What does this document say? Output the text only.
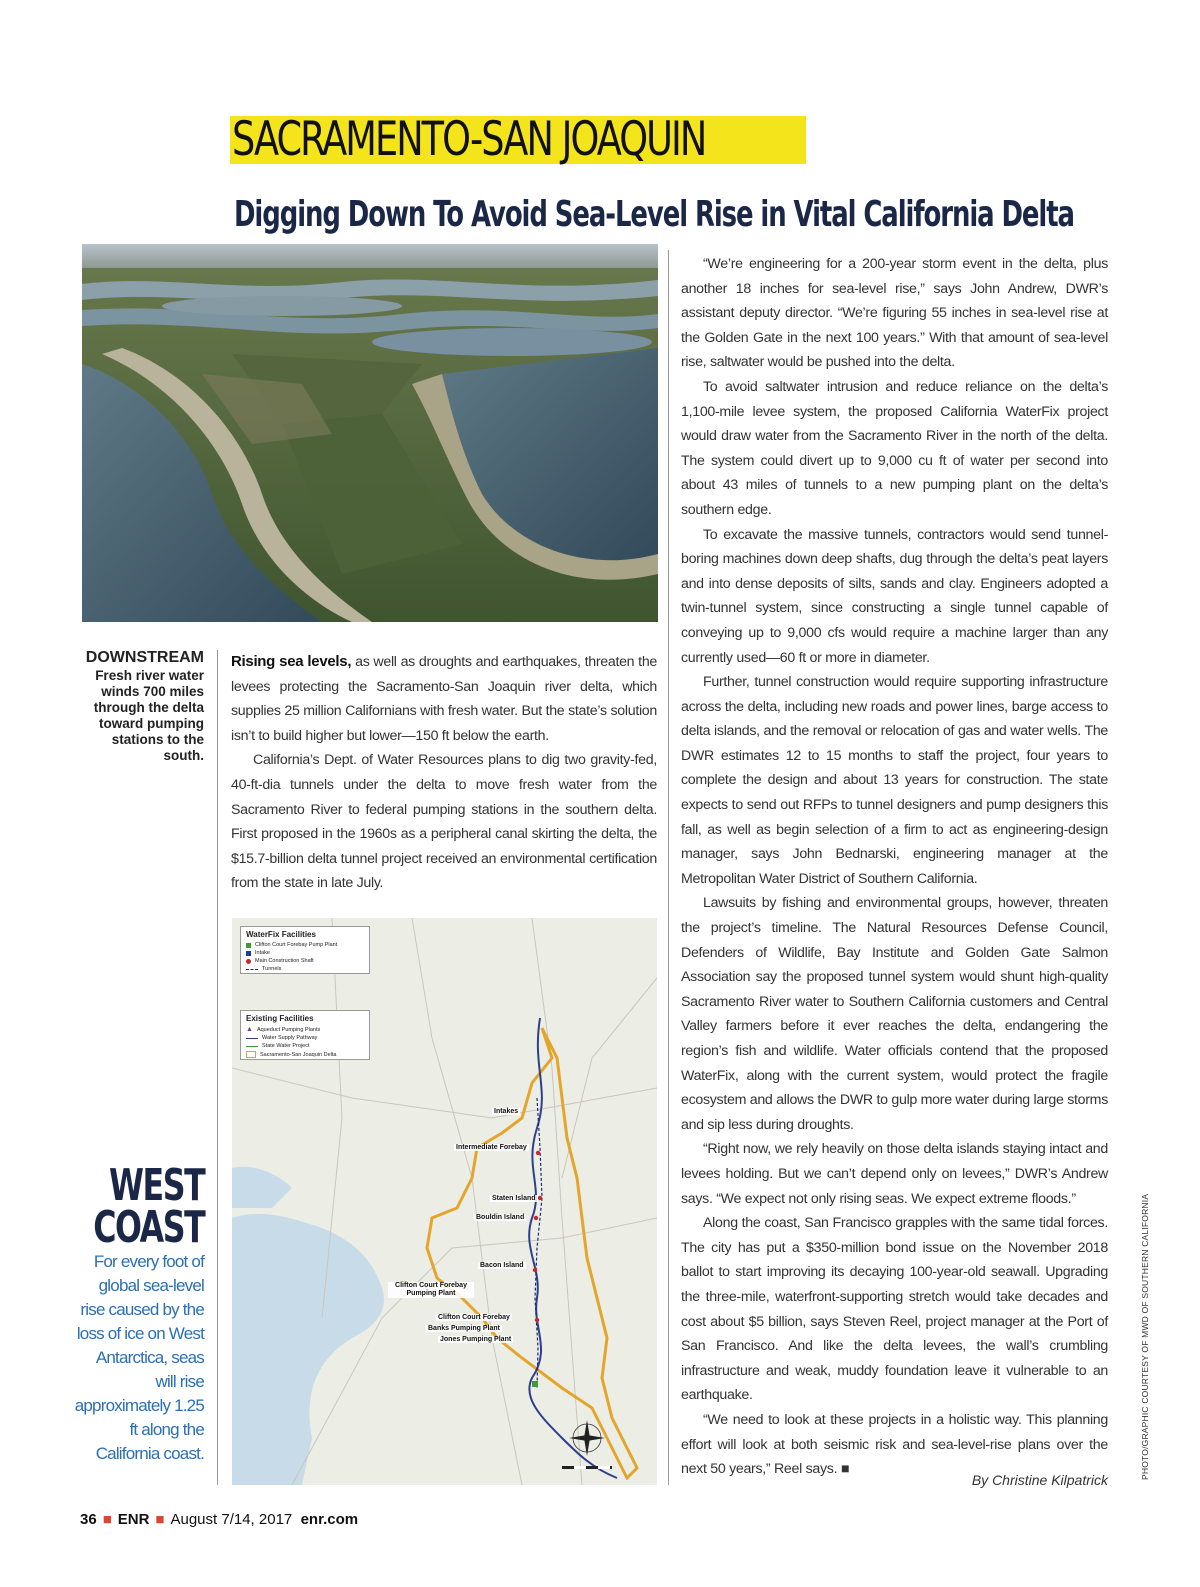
SACRAMENTO-SAN JOAQUIN
Digging Down To Avoid Sea-Level Rise in Vital California Delta
DOWNSTREAM
Fresh river water winds 700 miles through the delta toward pumping stations to the south.

Rising sea levels, as well as droughts and earthquakes, threaten the levees protecting the Sacramento-San Joaquin river delta, which supplies 25 million Californians with fresh water. But the state’s solution isn’t to build higher but lower—150 ft below the earth.

California’s Dept. of Water Resources plans to dig two gravity-fed, 40-ft-dia tunnels under the delta to move fresh water from the Sacramento River to federal pumping stations in the southern delta. First proposed in the 1960s as a peripheral canal skirting the delta, the $15.7-billion delta tunnel project received an environmental certification from the state in late July.

WaterFix Facilities
Clifton Court Forebay Pump Plant
Intake
Main Construction Shaft
Tunnels
Existing Facilities
▲ Aqueduct Pumping Plants
Water Supply Pathway
State Water Project
Sacramento-San Joaquin Delta
Intakes
Intermediate Forebay
Staten Island
Bouldin Island
Bacon Island
Clifton Court Forebay Pumping Plant
Clifton Court Forebay
Banks Pumping Plant
Jones Pumping Plant
WEST
COAST
For every foot of global sea-level rise caused by the loss of ice on West Antarctica, seas will rise approximately 1.25 ft along the California coast.

“We’re engineering for a 200-year storm event in the delta, plus another 18 inches for sea-level rise,” says John Andrew, DWR’s assistant deputy director. “We’re figuring 55 inches in sea-level rise at the Golden Gate in the next 100 years.” With that amount of sea-level rise, saltwater would be pushed into the delta.

To avoid saltwater intrusion and reduce reliance on the delta’s 1,100-mile levee system, the proposed California WaterFix project would draw water from the Sacramento River in the north of the delta. The system could divert up to 9,000 cu ft of water per second into about 43 miles of tunnels to a new pumping plant on the delta’s southern edge.

To excavate the massive tunnels, contractors would send tunnel-boring machines down deep shafts, dug through the delta’s peat layers and into dense deposits of silts, sands and clay. Engineers adopted a twin-tunnel system, since constructing a single tunnel capable of conveying up to 9,000 cfs would require a machine larger than any currently used—60 ft or more in diameter.

Further, tunnel construction would require supporting infrastructure across the delta, including new roads and power lines, barge access to delta islands, and the removal or relocation of gas and water wells. The DWR estimates 12 to 15 months to staff the project, four years to complete the design and about 13 years for construction. The state expects to send out RFPs to tunnel designers and pump designers this fall, as well as begin selection of a firm to act as engineering-design manager, says John Bednarski, engineering manager at the Metropolitan Water District of Southern California.

Lawsuits by fishing and environmental groups, however, threaten the project’s timeline. The Natural Resources Defense Council, Defenders of Wildlife, Bay Institute and Golden Gate Salmon Association say the proposed tunnel system would shunt high-quality Sacramento River water to Southern California customers and Central Valley farmers before it ever reaches the delta, endangering the region’s fish and wildlife. Water officials contend that the proposed WaterFix, along with the current system, would protect the fragile ecosystem and allows the DWR to gulp more water during large storms and sip less during droughts.

“Right now, we rely heavily on those delta islands staying intact and levees holding. But we can’t depend only on levees,” DWR’s Andrew says. “We expect not only rising seas. We expect extreme floods.”

Along the coast, San Francisco grapples with the same tidal forces. The city has put a $350-million bond issue on the November 2018 ballot to start improving its decaying 100-year-old seawall. Upgrading the three-mile, waterfront-supporting stretch would take decades and cost about $5 billion, says Steven Reel, project manager at the Port of San Francisco. And like the delta levees, the wall’s crumbling infrastructure and weak, muddy foundation leave it vulnerable to an earthquake.

“We need to look at these projects in a holistic way. This planning effort will look at both seismic risk and sea-level-rise plans over the next 50 years,” Reel says. ■

By Christine Kilpatrick	PHOTO/GRAPHIC COURTESY OF MWD OF SOUTHERN CALIFORNIA
36 ■ ENR ■ August 7/14, 2017 enr.com
